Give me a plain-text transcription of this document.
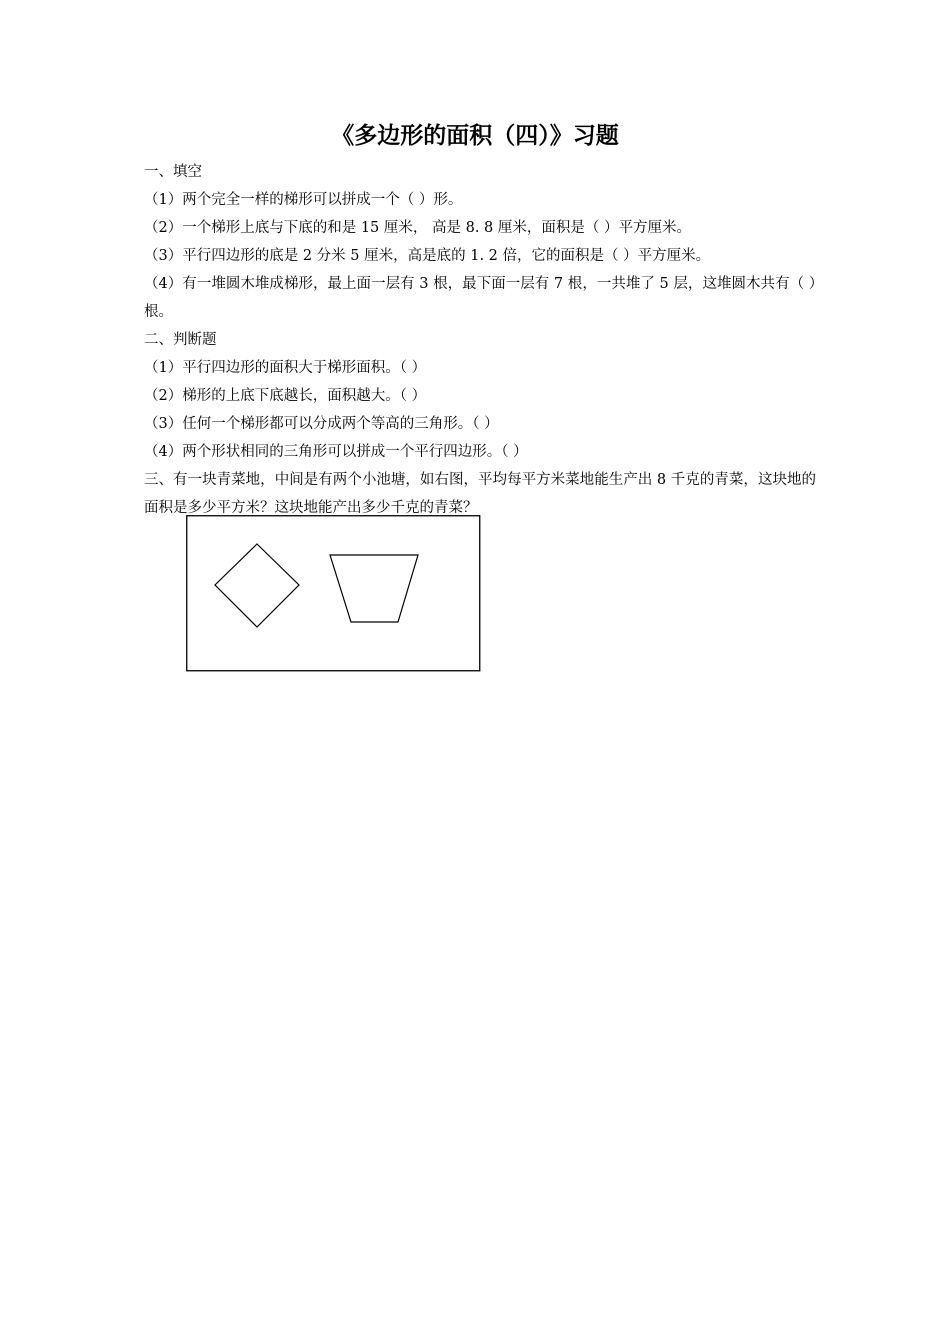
《多边形的面积（四）》习题
一、填空
（1）两个完全一样的梯形可以拼成一个（ ）形。
（2）一个梯形上底与下底的和是 15 厘米， 高是 8. 8 厘米，面积是（ ）平方厘米。
（3）平行四边形的底是 2 分米 5 厘米，高是底的 1. 2 倍，它的面积是（ ）平方厘米。
（4）有一堆圆木堆成梯形，最上面一层有 3 根，最下面一层有 7 根，一共堆了 5 层，这堆圆木共有（ ）根。
二、判断题
（1）平行四边形的面积大于梯形面积。（ ）
（2）梯形的上底下底越长，面积越大。（ ）
（3）任何一个梯形都可以分成两个等高的三角形。（ ）
（4）两个形状相同的三角形可以拼成一个平行四边形。（ ）
三、有一块青菜地，中间是有两个小池塘，如右图，平均每平方米菜地能生产出 8 千克的青菜，这块地的面积是多少平方米？这块地能产出多少千克的青菜？
